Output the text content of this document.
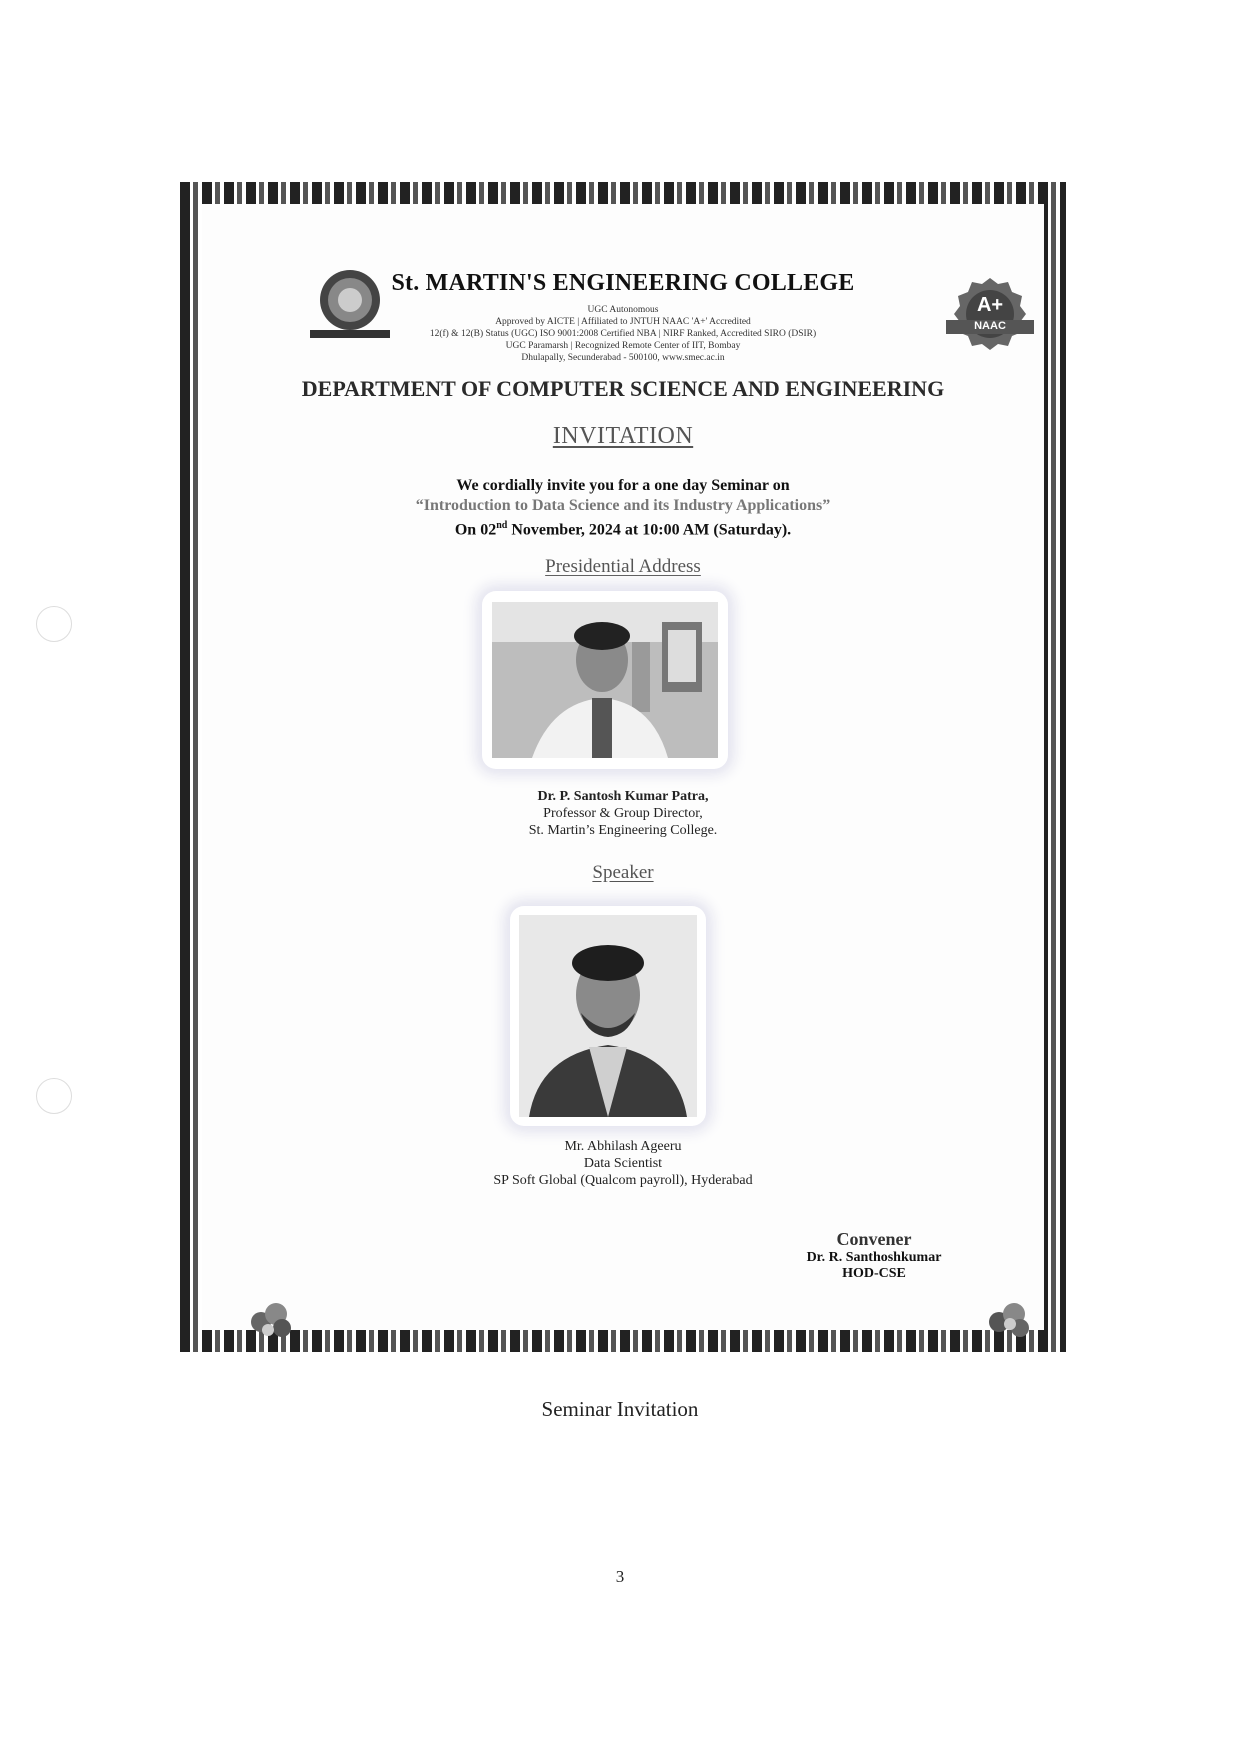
St. MARTIN'S ENGINEERING COLLEGE
UGC Autonomous
Approved by AICTE | Affiliated to JNTUH NAAC 'A+' Accredited
12(f) & 12(B) Status (UGC) ISO 9001:2008 Certified NBA | NIRF Ranked, Accredited SIRO (DSIR)
UGC Paramarsh | Recognized Remote Center of IIT, Bombay
Dhulapally, Secunderabad - 500100, www.smec.ac.in
A+
NAAC
DEPARTMENT OF COMPUTER SCIENCE AND ENGINEERING
INVITATION
We cordially invite you for a one day Seminar on
“Introduction to Data Science and its Industry Applications”
On 02nd November, 2024 at 10:00 AM (Saturday).
Presidential Address
Dr. P. Santosh Kumar Patra,
Professor & Group Director,
St. Martin’s Engineering College.
Speaker
Mr. Abhilash Ageeru
Data Scientist
SP Soft Global (Qualcom payroll), Hyderabad
Convener
Dr. R. Santhoshkumar
HOD-CSE
Seminar Invitation
3
